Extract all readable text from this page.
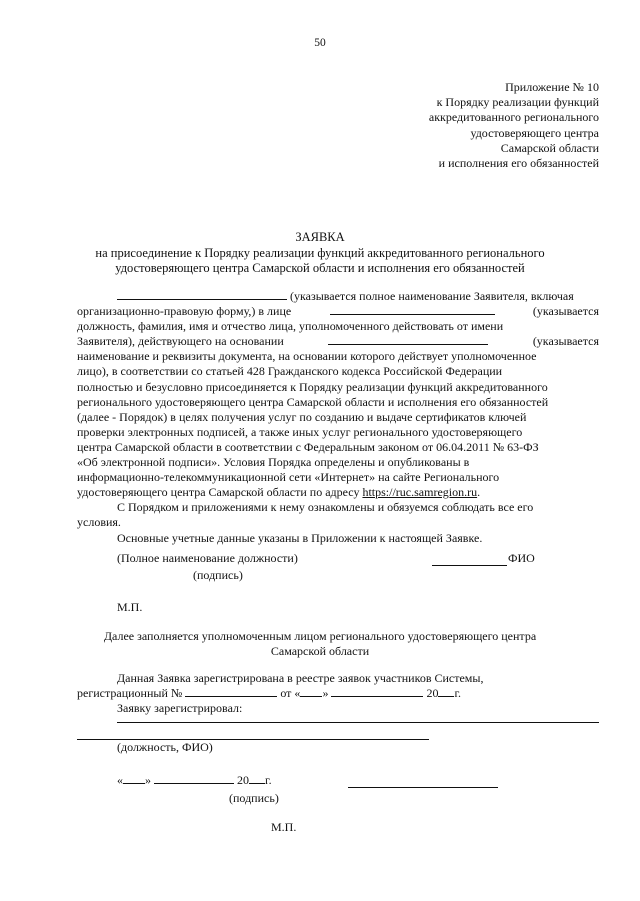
50
Приложение № 10
к Порядку реализации функций
аккредитованного регионального
удостоверяющего центра
Самарской области
и исполнения его обязанностей
ЗАЯВКА
на присоединение к Порядку реализации функций аккредитованного регионального
удостоверяющего центра Самарской области и исполнения его обязанностей
(указывается полное наименование Заявителя, включая
организационно-правовую форму,) в лице	(указывается
должность, фамилия, имя и отчество лица, уполномоченного действовать от имени
Заявителя), действующего на основании	(указывается
наименование и реквизиты документа, на основании которого действует уполномоченное
лицо), в соответствии со статьей 428 Гражданского кодекса Российской Федерации
полностью и безусловно присоединяется к Порядку реализации функций аккредитованного
регионального удостоверяющего центра Самарской области и исполнения его обязанностей
(далее - Порядок) в целях получения услуг по созданию и выдаче сертификатов ключей
проверки электронных подписей, а также иных услуг регионального удостоверяющего
центра Самарской области в соответствии с Федеральным законом от 06.04.2011 № 63-ФЗ
«Об электронной подписи». Условия Порядка определены и опубликованы в
информационно-телекоммуникационной сети «Интернет» на сайте Регионального
удостоверяющего центра Самарской области по адресу https://ruc.samregion.ru.
С Порядком и приложениями к нему ознакомлены и обязуемся соблюдать все его
условия.
Основные учетные данные указаны в Приложении к настоящей Заявке.
(Полное наименование должности)	ФИО
(подпись)
М.П.
Далее заполняется уполномоченным лицом регионального удостоверяющего центра
Самарской области
Данная Заявка зарегистрирована в реестре заявок участников Системы,
регистрационный №	от « »	20 г.
Заявку зарегистрировал:
(должность, ФИО)
« »	20 г.
(подпись)
М.П.
